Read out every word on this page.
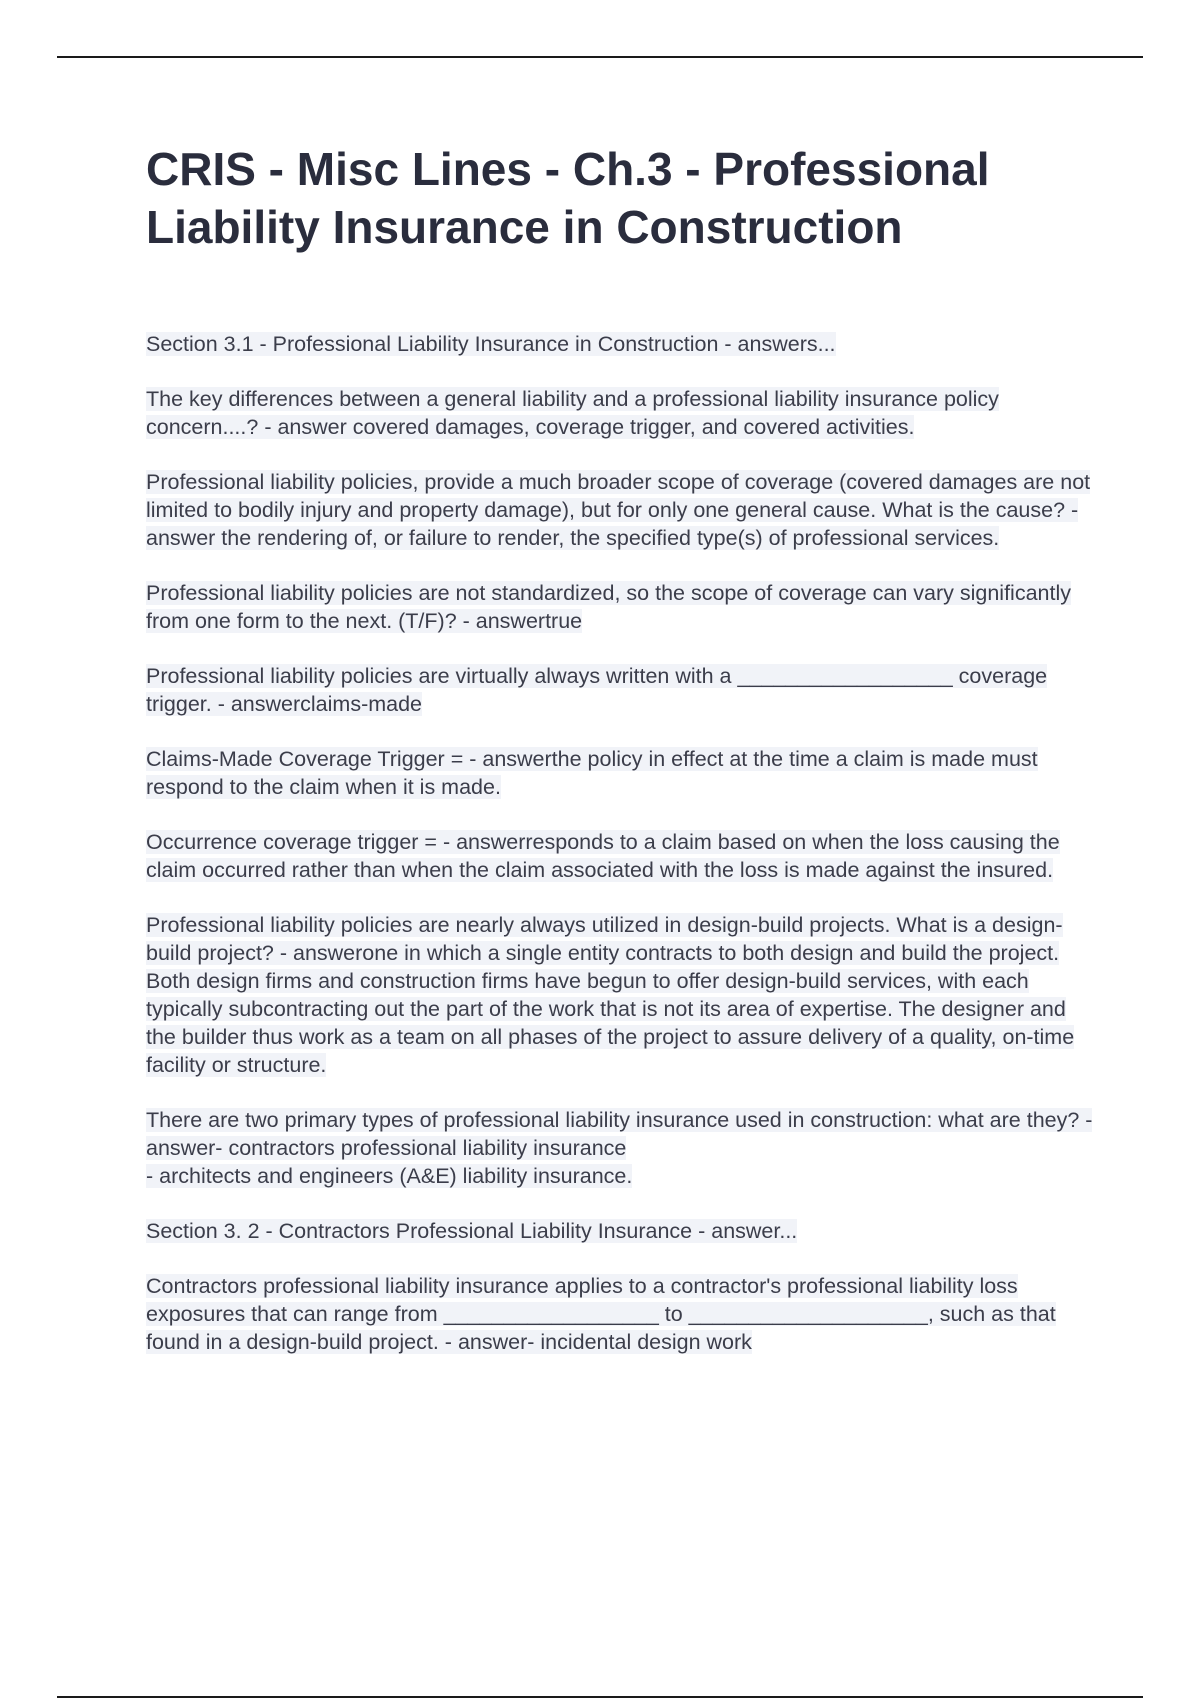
CRIS - Misc Lines - Ch.3 - Professional Liability Insurance in Construction

Section 3.1 - Professional Liability Insurance in Construction - answers...

The key differences between a general liability and a professional liability insurance policy concern....? - answer covered damages, coverage trigger, and covered activities.

Professional liability policies, provide a much broader scope of coverage (covered damages are not limited to bodily injury and property damage), but for only one general cause. What is the cause? - answer the rendering of, or failure to render, the specified type(s) of professional services.

Professional liability policies are not standardized, so the scope of coverage can vary significantly from one form to the next. (T/F)? - answertrue

Professional liability policies are virtually always written with a __________________ coverage trigger. - answerclaims-made

Claims-Made Coverage Trigger = - answerthe policy in effect at the time a claim is made must respond to the claim when it is made.

Occurrence coverage trigger = - answerresponds to a claim based on when the loss causing the claim occurred rather than when the claim associated with the loss is made against the insured.

Professional liability policies are nearly always utilized in design-build projects. What is a design-build project? - answerone in which a single entity contracts to both design and build the project. Both design firms and construction firms have begun to offer design-build services, with each typically subcontracting out the part of the work that is not its area of expertise. The designer and the builder thus work as a team on all phases of the project to assure delivery of a quality, on-time facility or structure.

There are two primary types of professional liability insurance used in construction: what are they? - answer- contractors professional liability insurance
- architects and engineers (A&E) liability insurance.

Section 3. 2 - Contractors Professional Liability Insurance - answer...

Contractors professional liability insurance applies to a contractor's professional liability loss exposures that can range from __________________ to ____________________, such as that found in a design-build project. - answer- incidental design work
